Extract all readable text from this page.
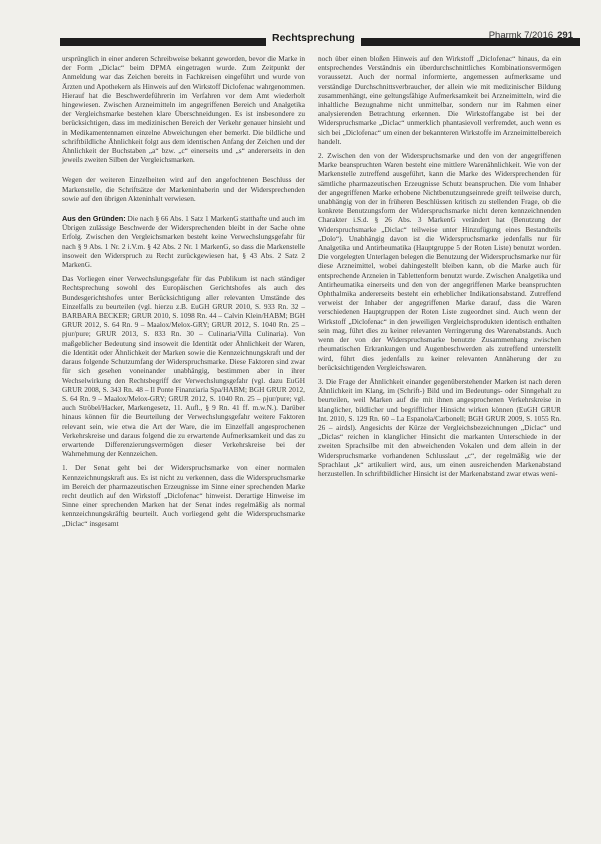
Rechtsprechung	Pharmk 7/2016 291

ursprünglich in einer anderen Schreibweise bekannt geworden, bevor die Marke in der Form „Diclac“ beim DPMA eingetragen wurde. Zum Zeitpunkt der Anmeldung war das Zeichen bereits in Fachkreisen eingeführt und wurde von Ärzten und Apothekern als Hinweis auf den Wirkstoff Diclofenac wahrgenommen. Hierauf hat die Beschwerdeführerin im Verfahren vor dem Amt wiederholt hingewiesen. Zwischen Arzneimitteln im angegriffenen Bereich und Analgetika der Vergleichsmarke bestehen klare Überschneidungen. Es ist insbesondere zu berücksichtigen, dass im medizinischen Bereich der Verkehr genauer hinsieht und in Medikamentennamen einzelne Abweichungen eher bemerkt. Die bildliche und schriftbildliche Ähnlichkeit folgt aus dem identischen Anfang der Zeichen und der Ähnlichkeit der Buchstaben „a“ bzw. „c“ einerseits und „s“ andererseits in den jeweils zweiten Silben der Vergleichsmarken.

Wegen der weiteren Einzelheiten wird auf den angefochtenen Beschluss der Markenstelle, die Schriftsätze der Markeninhaberin und der Widersprechenden sowie auf den übrigen Akteninhalt verwiesen.

Aus den Gründen: Die nach § 66 Abs. 1 Satz 1 MarkenG statthafte und auch im Übrigen zulässige Beschwerde der Widersprechenden bleibt in der Sache ohne Erfolg. Zwischen den Vergleichsmarken besteht keine Verwechslungsgefahr für nach § 9 Abs. 1 Nr. 2 i.V.m. § 42 Abs. 2 Nr. 1 MarkenG, so dass die Markenstelle insoweit den Widerspruch zu Recht zurückgewiesen hat, § 43 Abs. 2 Satz 2 MarkenG.

Das Vorliegen einer Verwechslungsgefahr für das Publikum ist nach ständiger Rechtsprechung sowohl des Europäischen Gerichtshofes als auch des Bundesgerichtshofes unter Berücksichtigung aller relevanten Umstände des Einzelfalls zu beurteilen (vgl. hierzu z.B. EuGH GRUR 2010, S. 933 Rn. 32 – BARBARA BECKER; GRUR 2010, S. 1098 Rn. 44 – Calvin Klein/HABM; BGH GRUR 2012, S. 64 Rn. 9 – Maalox/Melox-GRY; GRUR 2012, S. 1040 Rn. 25 – pjur/pure; GRUR 2013, S. 833 Rn. 30 – Culinaria/Villa Culinaria). Von maßgeblicher Bedeutung sind insoweit die Identität oder Ähnlichkeit der Waren, die Identität oder Ähnlichkeit der Marken sowie die Kennzeichnungskraft und der daraus folgende Schutzumfang der Widerspruchsmarke. Diese Faktoren sind zwar für sich gesehen voneinander unabhängig, bestimmen aber in ihrer Wechselwirkung den Rechtsbegriff der Verwechslungsgefahr (vgl. dazu EuGH GRUR 2008, S. 343 Rn. 48 – Il Ponte Finanziaria Spa/HABM; BGH GRUR 2012, S. 64 Rn. 9 – Maalox/Melox-GRY; GRUR 2012, S. 1040 Rn. 25 – pjur/pure; vgl. auch Ströbel/Hacker, Markengesetz, 11. Aufl., § 9 Rn. 41 ff. m.w.N.). Darüber hinaus können für die Beurteilung der Verwechslungsgefahr weitere Faktoren relevant sein, wie etwa die Art der Ware, die im Einzelfall angesprochenen Verkehrskreise und daraus folgend die zu erwartende Aufmerksamkeit und das zu erwartende Differenzierungsvermögen dieser Verkehrskreise bei der Wahrnehmung der Kennzeichen.

1. Der Senat geht bei der Widerspruchsmarke von einer normalen Kennzeichnungskraft aus. Es ist nicht zu verkennen, dass die Widerspruchsmarke im Bereich der pharmazeutischen Erzeugnisse im Sinne einer sprechenden Marke recht deutlich auf den Wirkstoff „Diclofenac“ hinweist. Derartige Hinweise im Sinne einer sprechenden Marken hat der Senat indes regelmäßig als normal kennzeichnungskräftig beurteilt. Auch vorliegend geht die Widerspruchsmarke „Diclac“ insgesamt

noch über einen bloßen Hinweis auf den Wirkstoff „Diclofenac“ hinaus, da ein entsprechendes Verständnis ein überdurchschnittliches Kombinationsvermögen voraussetzt. Auch der normal informierte, angemessen aufmerksame und verständige Durchschnittsverbraucher, der allein wie mit medizinischer Bildung zusammenhängt, eine geltungsfähige Aufmerksamkeit bei Arzneimitteln, wird die inhaltliche Bezugnahme nicht unmittelbar, sondern nur im Rahmen einer analysierenden Betrachtung erkennen. Die Wirkstoffangabe ist bei der Widerspruchsmarke „Diclac“ unmerklich phantasievoll verfremdet, auch wenn es sich bei „Diclofenac“ um einen der bekannteren Wirkstoffe im Arzneimittelbereich handelt.

2. Zwischen den von der Widerspruchsmarke und den von der angegriffenen Marke beanspruchten Waren besteht eine mittlere Warenähnlichkeit. Wie von der Markenstelle zutreffend ausgeführt, kann die Marke des Widersprechenden für sämtliche pharmazeutischen Erzeugnisse Schutz beanspruchen. Die vom Inhaber der angegriffenen Marke erhobene Nichtbenutzungseinrede greift teilweise durch, unabhängig von der in früheren Beschlüssen kritisch zu stellenden Frage, ob die konkrete Benutzungsform der Widerspruchsmarke nicht deren kennzeichnenden Charakter i.S.d. § 26 Abs. 3 MarkenG verändert hat (Benutzung der Widerspruchsmarke „Diclac“ teilweise unter Hinzufügung eines Bestandteils „Dolo“). Unabhängig davon ist die Widerspruchsmarke jedenfalls nur für Analgetika und Antirheumatika (Hauptgruppe 5 der Roten Liste) benutzt worden. Die vorgelegten Unterlagen belegen die Benutzung der Widerspruchsmarke nur für diese Arzneimittel, wobei dahingestellt bleiben kann, ob die Marke auch für entsprechende Arzneien in Tablettenform benutzt wurde. Zwischen Analgetika und Antirheumatika einerseits und den von der angegriffenen Marke beanspruchten Ophthalmika andererseits besteht ein erheblicher Indikationsabstand. Zutreffend verweist der Inhaber der angegriffenen Marke darauf, dass die Waren verschiedenen Hauptgruppen der Roten Liste zugeordnet sind. Auch wenn der Wirkstoff „Diclofenac“ in den jeweiligen Vergleichsprodukten identisch enthalten sein mag, führt dies zu keiner relevanten Verringerung des Warenabstands. Auch wenn der von der Widerspruchsmarke benutzte Zusammenhang zwischen rheumatischen Erkrankungen und Augenbeschwerden als zutreffend unterstellt wird, führt dies jedenfalls zu keiner relevanten Annäherung der zu berücksichtigenden Vergleichswaren.

3. Die Frage der Ähnlichkeit einander gegenüberstehender Marken ist nach deren Ähnlichkeit im Klang, im (Schrift-) Bild und im Bedeutungs- oder Sinngehalt zu beurteilen, weil Marken auf die mit ihnen angesprochenen Verkehrskreise in klanglicher, bildlicher und begrifflicher Hinsicht wirken können (EuGH GRUR Int. 2010, S. 129 Rn. 60 – La Espanola/Carbonell; BGH GRUR 2009, S. 1055 Rn. 26 – airdsl). Angesichts der Kürze der Vergleichsbezeichnungen „Diclac“ und „Diclas“ reichen in klanglicher Hinsicht die markanten Unterschiede in der zweiten Sprachsilbe mit den abweichenden Vokalen und dem allein in der Widerspruchsmarke vorhandenen Schlusslaut „c“, der regelmäßig wie der Sprachlaut „k“ artikuliert wird, aus, um einen ausreichenden Markenabstand herzustellen. In schriftbildlicher Hinsicht ist der Markenabstand zwar etwas weni-
